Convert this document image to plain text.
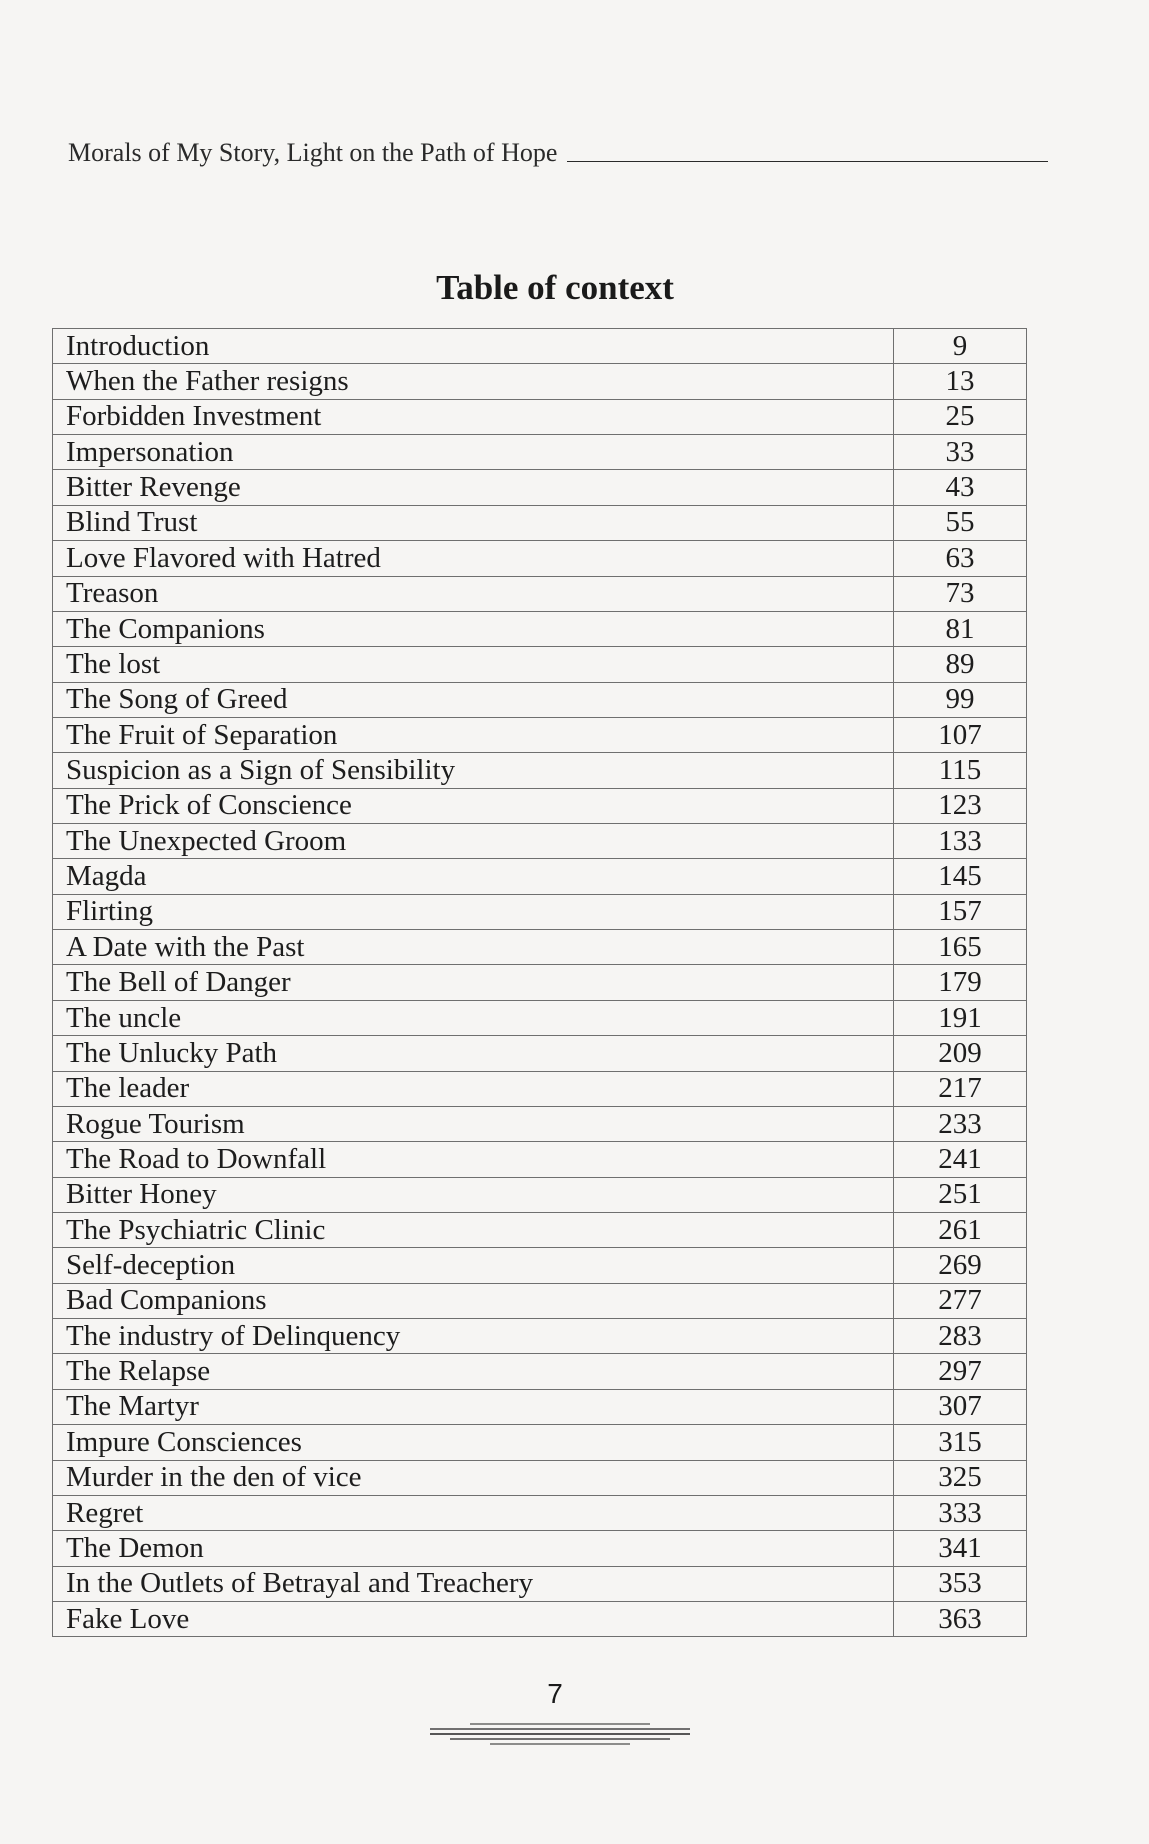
Morals of My Story, Light on the Path of Hope
Table of context
Introduction	9
When the Father resigns	13
Forbidden Investment	25
Impersonation	33
Bitter Revenge	43
Blind Trust	55
Love Flavored with Hatred	63
Treason	73
The Companions	81
The lost	89
The Song of Greed	99
The Fruit of Separation	107
Suspicion as a Sign of Sensibility	115
The Prick of Conscience	123
The Unexpected Groom	133
Magda	145
Flirting	157
A Date with the Past	165
The Bell of Danger	179
The uncle	191
The Unlucky Path	209
The leader	217
Rogue Tourism	233
The Road to Downfall	241
Bitter Honey	251
The Psychiatric Clinic	261
Self-deception	269
Bad Companions	277
The industry of Delinquency	283
The Relapse	297
The Martyr	307
Impure Consciences	315
Murder in the den of vice	325
Regret	333
The Demon	341
In the Outlets of Betrayal and Treachery	353
Fake Love	363
7
